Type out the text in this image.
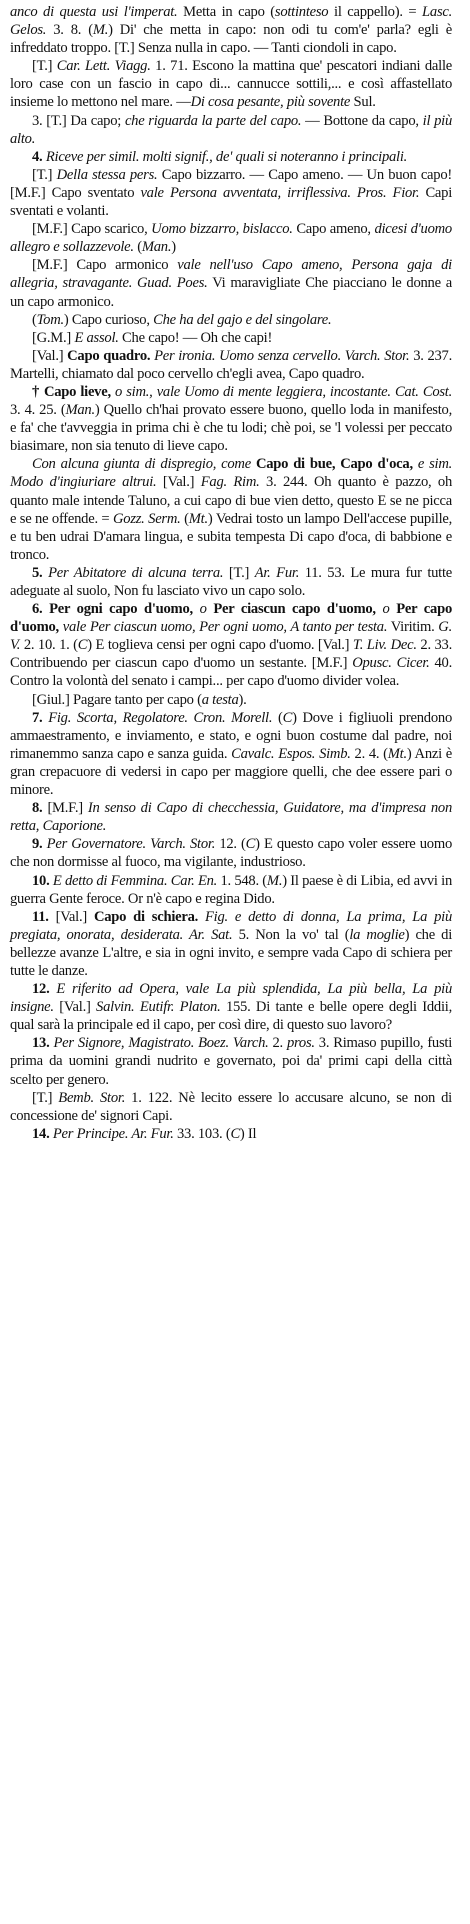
anco di questa usi l'imperat. Metta in capo (sottinteso il cappello). = Lasc. Gelos. 3. 8. (M.) Di' che metta in capo: non odi tu com'e' parla? egli è infreddato troppo. [T.] Senza nulla in capo. — Tanti ciondoli in capo.

[T.] Car. Lett. Viagg. 1. 71. Escono la mattina que' pescatori indiani dalle loro case con un fascio in capo di... cannucce sottili,... e così affastellato insieme lo mettono nel mare. —Di cosa pesante, più sovente Sul.

3. [T.] Da capo; che riguarda la parte del capo. — Bottone da capo, il più alto.

4. Riceve per simil. molti signif., de' quali si noteranno i principali.

[T.] Della stessa pers. Capo bizzarro. — Capo ameno. — Un buon capo! [M.F.] Capo sventato vale Persona avventata, irriflessiva. Pros. Fior. Capi sventati e volanti.

[M.F.] Capo scarico, Uomo bizzarro, bislacco. Capo ameno, dicesi d'uomo allegro e sollazzevole. (Man.)

[M.F.] Capo armonico vale nell'uso Capo ameno, Persona gaja di allegria, stravagante. Guad. Poes. Vi maravigliate Che piacciano le donne a un capo armonico.

(Tom.) Capo curioso, Che ha del gajo e del singolare.

[G.M.] E assol. Che capo! — Oh che capi!

[Val.] Capo quadro. Per ironia. Uomo senza cervello. Varch. Stor. 3. 237. Martelli, chiamato dal poco cervello ch'egli avea, Capo quadro.

† Capo lieve, o sim., vale Uomo di mente leggiera, incostante. Cat. Cost. 3. 4. 25. (Man.) Quello ch'hai provato essere buono, quello loda in manifesto, e fa' che t'avveggia in prima chi è che tu lodi; chè poi, se 'l volessi per peccato biasimare, non sia tenuto di lieve capo.

Con alcuna giunta di dispregio, come Capo di bue, Capo d'oca, e sim. Modo d'ingiuriare altrui. [Val.] Fag. Rim. 3. 244. Oh quanto è pazzo, oh quanto male intende Taluno, a cui capo di bue vien detto, questo E se ne picca e se ne offende. = Gozz. Serm. (Mt.) Vedrai tosto un lampo Dell'accese pupille, e tu ben udrai D'amara lingua, e subita tempesta Di capo d'oca, di babbione e tronco.

5. Per Abitatore di alcuna terra. [T.] Ar. Fur. 11. 53. Le mura fur tutte adeguate al suolo, Non fu lasciato vivo un capo solo.

6. Per ogni capo d'uomo, o Per ciascun capo d'uomo, o Per capo d'uomo, vale Per ciascun uomo, Per ogni uomo, A tanto per testa. Viritim. G. V. 2. 10. 1. (C) E toglieva censi per ogni capo d'uomo. [Val.] T. Liv. Dec. 2. 33. Contribuendo per ciascun capo d'uomo un sestante. [M.F.] Opusc. Cicer. 40. Contro la volontà del senato i campi... per capo d'uomo divider volea.

[Giul.] Pagare tanto per capo (a testa).

7. Fig. Scorta, Regolatore. Cron. Morell. (C) Dove i figliuoli prendono ammaestramento, e inviamento, e stato, e ogni buon costume dal padre, noi rimanemmo sanza capo e sanza guida. Cavalc. Espos. Simb. 2. 4. (Mt.) Anzi è gran crepacuore di vedersi in capo per maggiore quelli, che dee essere pari o minore.

8. [M.F.] In senso di Capo di checchessia, Guidatore, ma d'impresa non retta, Caporione.

9. Per Governatore. Varch. Stor. 12. (C) E questo capo voler essere uomo che non dormisse al fuoco, ma vigilante, industrioso.

10. E detto di Femmina. Car. En. 1. 548. (M.) Il paese è di Libia, ed avvi in guerra Gente feroce. Or n'è capo e regina Dido.

11. [Val.] Capo di schiera. Fig. e detto di donna, La prima, La più pregiata, onorata, desiderata. Ar. Sat. 5. Non la vo' tal (la moglie) che di bellezze avanze L'altre, e sia in ogni invito, e sempre vada Capo di schiera per tutte le danze.

12. E riferito ad Opera, vale La più splendida, La più bella, La più insigne. [Val.] Salvin. Eutifr. Platon. 155. Di tante e belle opere degli Iddii, qual sarà la principale ed il capo, per così dire, di questo suo lavoro?

13. Per Signore, Magistrato. Boez. Varch. 2. pros. 3. Rimaso pupillo, fusti prima da uomini grandi nudrito e governato, poi da' primi capi della città scelto per genero.

[T.] Bemb. Stor. 1. 122. Nè lecito essere lo accusare alcuno, se non di concessione de' signori Capi.

14. Per Principe. Ar. Fur. 33. 103. (C) Il
